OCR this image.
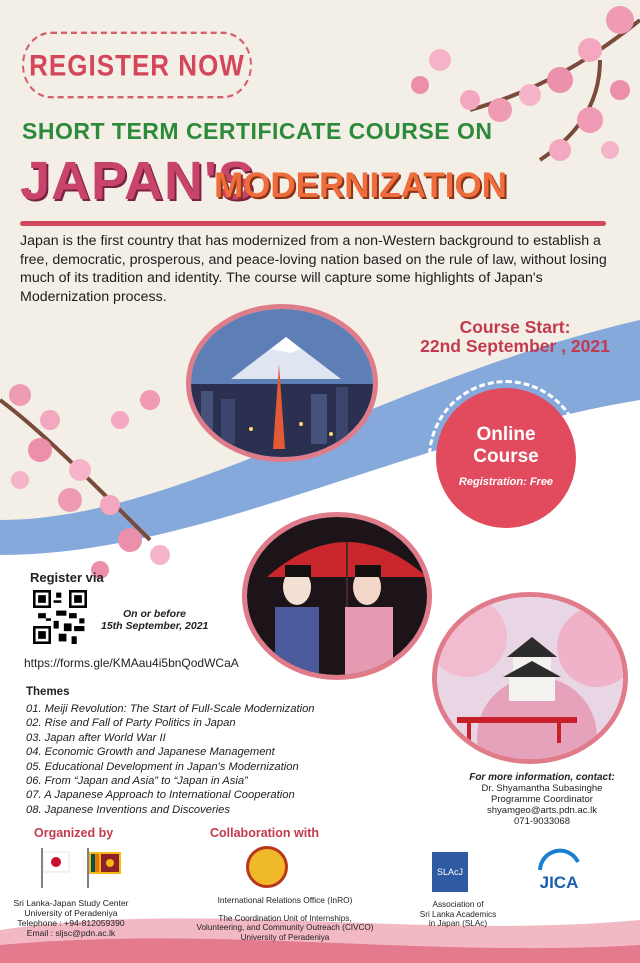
REGISTER NOW
SHORT TERM CERTIFICATE COURSE ON
JAPAN'S
MODERNIZATION
Japan is the first country that has modernized from a non-Western background to establish a free, democratic, prosperous, and peace-loving nation based on the rule of law, without losing much of its tradition and identity. The course will capture some highlights of Japan's Modernization process.
Course Start:
22nd September , 2021
Online
Course
Registration: Free
Register via
On or before
15th September, 2021
https://forms.gle/KMAau4i5bnQodWCaA
Themes
01. Meiji Revolution: The Start of Full-Scale Modernization
02. Rise and Fall of Party Politics in Japan
03. Japan after World War II
04. Economic Growth and Japanese Management
05. Educational Development in Japan's Modernization
06. From “Japan and Asia” to “Japan in Asia”
07. A Japanese Approach to International Cooperation
08. Japanese Inventions and Discoveries
For more information, contact:
Dr. Shyamantha Subasinghe
Programme Coordinator
shyamgeo@arts.pdn.ac.lk
071-9033068
Organized by	Collaboration with
Sri Lanka-Japan Study Center
University of Peradeniya
Telephone : +94-812059390
Email : sljsc@pdn.ac.lk
International Relations Office (InRO)
The Coordination Unit of Internships,
Volunteering, and Community Outreach (CIVCO)
University of Peradeniya
SLAcJ
Association of
Sri Lanka Academics
in Japan (SLAc)
JICA
